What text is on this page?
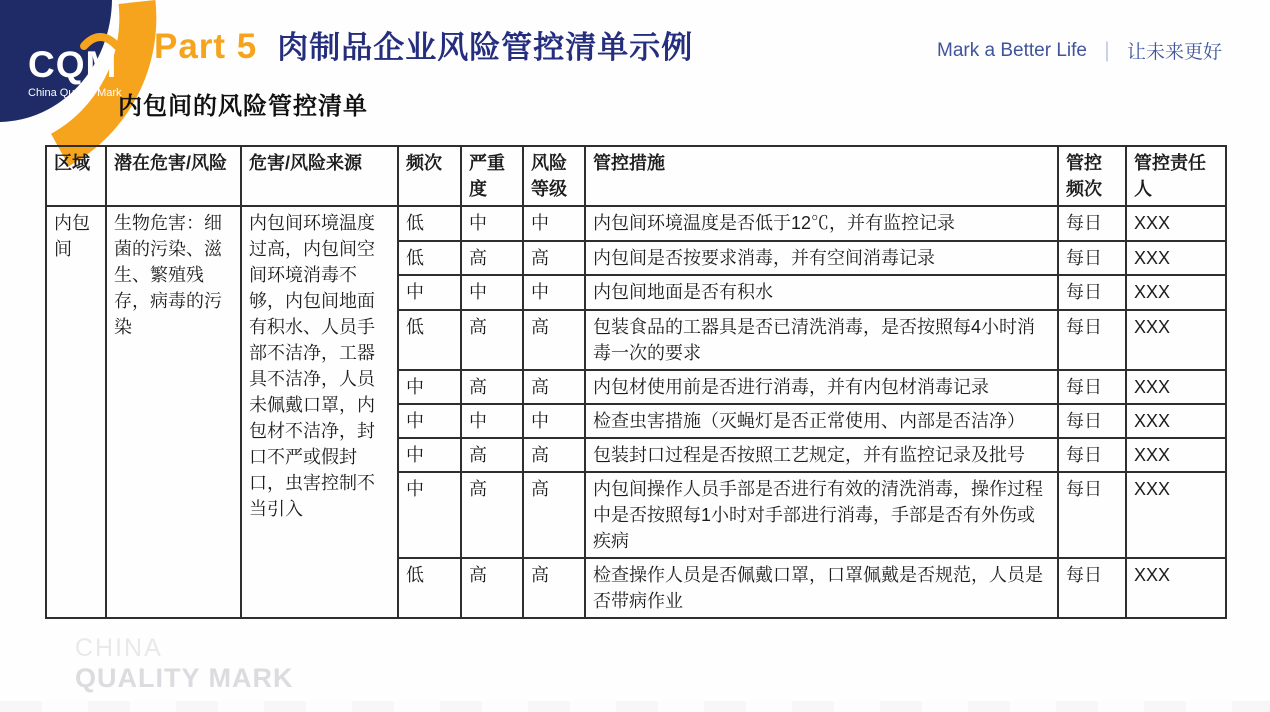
CQM
China Quality Mark
Part 5 肉制品企业风险管控清单示例	Mark a Better Life ｜ 让未来更好
内包间的风险管控清单
区域	潜在危害/风险	危害/风险来源	频次	严重度	风险等级	管控措施	管控频次	管控责任人
内包间	生物危害：细菌的污染、滋生、繁殖残存，病毒的污染	内包间环境温度过高，内包间空间环境消毒不够，内包间地面有积水、人员手部不洁净，工器具不洁净，人员未佩戴口罩，内包材不洁净，封口不严或假封口，虫害控制不当引入	低	中	中	内包间环境温度是否低于12℃，并有监控记录	每日	XXX
			低	高	高	内包间是否按要求消毒，并有空间消毒记录	每日	XXX
			中	中	中	内包间地面是否有积水	每日	XXX
			低	高	高	包装食品的工器具是否已清洗消毒，是否按照每4小时消毒一次的要求	每日	XXX
			中	高	高	内包材使用前是否进行消毒，并有内包材消毒记录	每日	XXX
			中	中	中	检查虫害措施（灭蝇灯是否正常使用、内部是否洁净）	每日	XXX
			中	高	高	包装封口过程是否按照工艺规定，并有监控记录及批号	每日	XXX
			中	高	高	内包间操作人员手部是否进行有效的清洗消毒，操作过程中是否按照每1小时对手部进行消毒，手部是否有外伤或疾病	每日	XXX
			低	高	高	检查操作人员是否佩戴口罩，口罩佩戴是否规范，人员是否带病作业	每日	XXX
CHINA
QUALITY MARK
